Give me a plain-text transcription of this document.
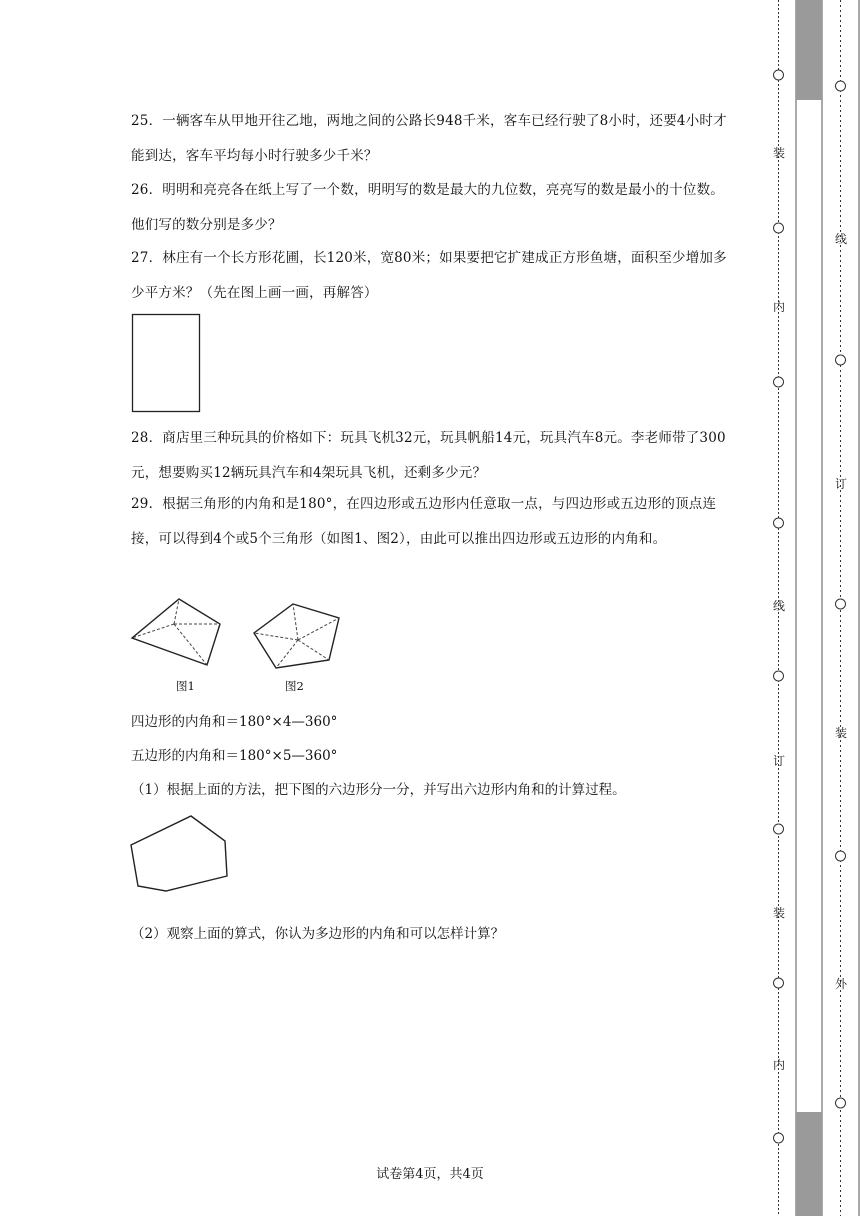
25．一辆客车从甲地开往乙地，两地之间的公路长948千米，客车已经行驶了8小时，还要4小时才能到达，客车平均每小时行驶多少千米？

26．明明和亮亮各在纸上写了一个数，明明写的数是最大的九位数，亮亮写的数是最小的十位数。他们写的数分别是多少？

27．林庄有一个长方形花圃，长120米，宽80米；如果要把它扩建成正方形鱼塘，面积至少增加多少平方米？（先在图上画一画，再解答）

28．商店里三种玩具的价格如下：玩具飞机32元，玩具帆船14元，玩具汽车8元。李老师带了300元，想要购买12辆玩具汽车和4架玩具飞机，还剩多少元？

29．根据三角形的内角和是180°，在四边形或五边形内任意取一点，与四边形或五边形的顶点连接，可以得到4个或5个三角形（如图1、图2），由此可以推出四边形或五边形的内角和。

图1	图2

四边形的内角和＝180°×4—360°

五边形的内角和＝180°×5—360°

（1）根据上面的方法，把下图的六边形分一分，并写出六边形内角和的计算过程。

（2）观察上面的算式，你认为多边形的内角和可以怎样计算？

试卷第4页，共4页
装
内
线
订
装
内
线
订
装
外
